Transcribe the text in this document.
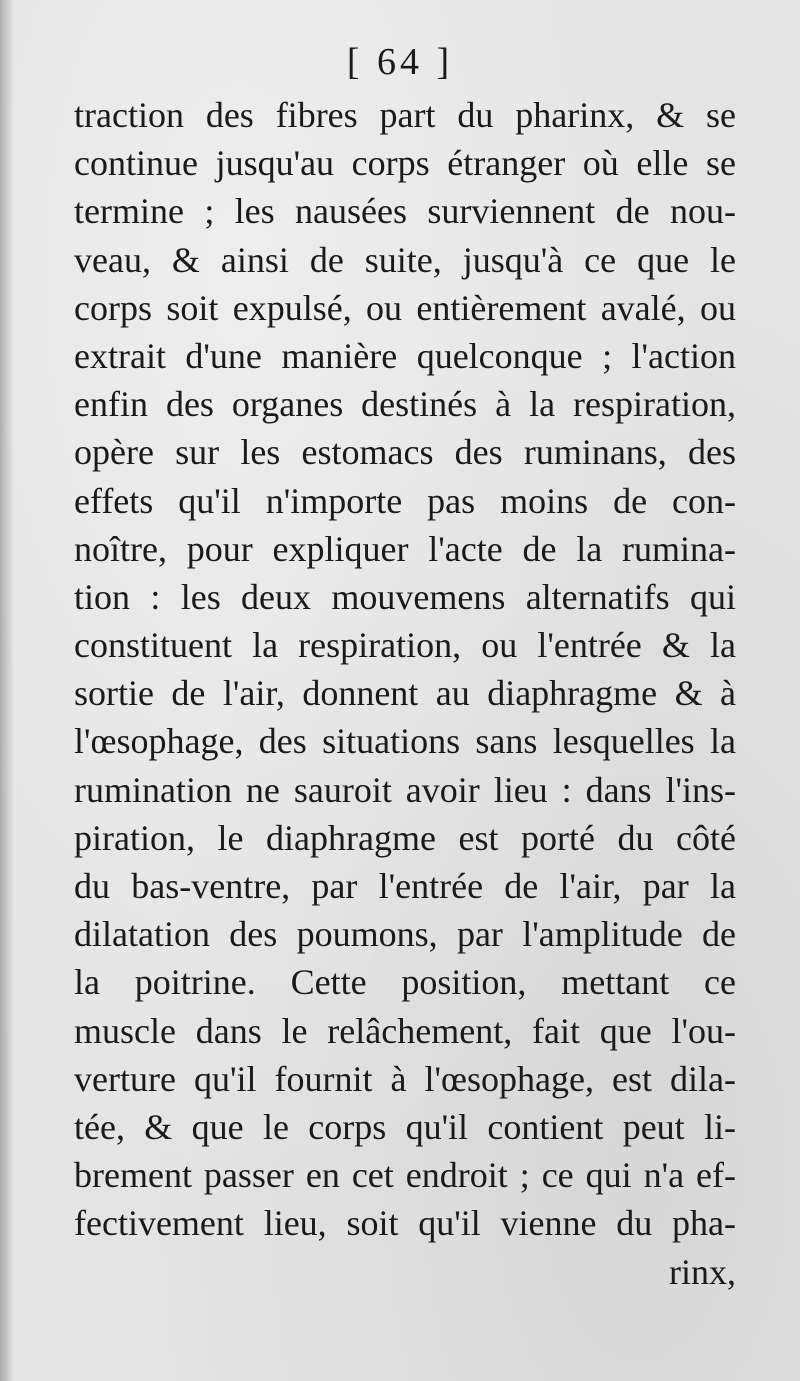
[ 64 ]
traction des fibres part du pharinx, & se
continue jusqu'au corps étranger où elle se
termine ; les nausées surviennent de nou-
veau, & ainsi de suite, jusqu'à ce que le
corps soit expulsé, ou entièrement avalé, ou
extrait d'une manière quelconque ; l'action
enfin des organes destinés à la respiration,
opère sur les estomacs des ruminans, des
effets qu'il n'importe pas moins de con-
noître, pour expliquer l'acte de la rumina-
tion : les deux mouvemens alternatifs qui
constituent la respiration, ou l'entrée & la
sortie de l'air, donnent au diaphragme & à
l'œsophage, des situations sans lesquelles la
rumination ne sauroit avoir lieu : dans l'ins-
piration, le diaphragme est porté du côté
du bas-ventre, par l'entrée de l'air, par la
dilatation des poumons, par l'amplitude de
la poitrine. Cette position, mettant ce
muscle dans le relâchement, fait que l'ou-
verture qu'il fournit à l'œsophage, est dila-
tée, & que le corps qu'il contient peut li-
brement passer en cet endroit ; ce qui n'a ef-
fectivement lieu, soit qu'il vienne du pha-
rinx,
